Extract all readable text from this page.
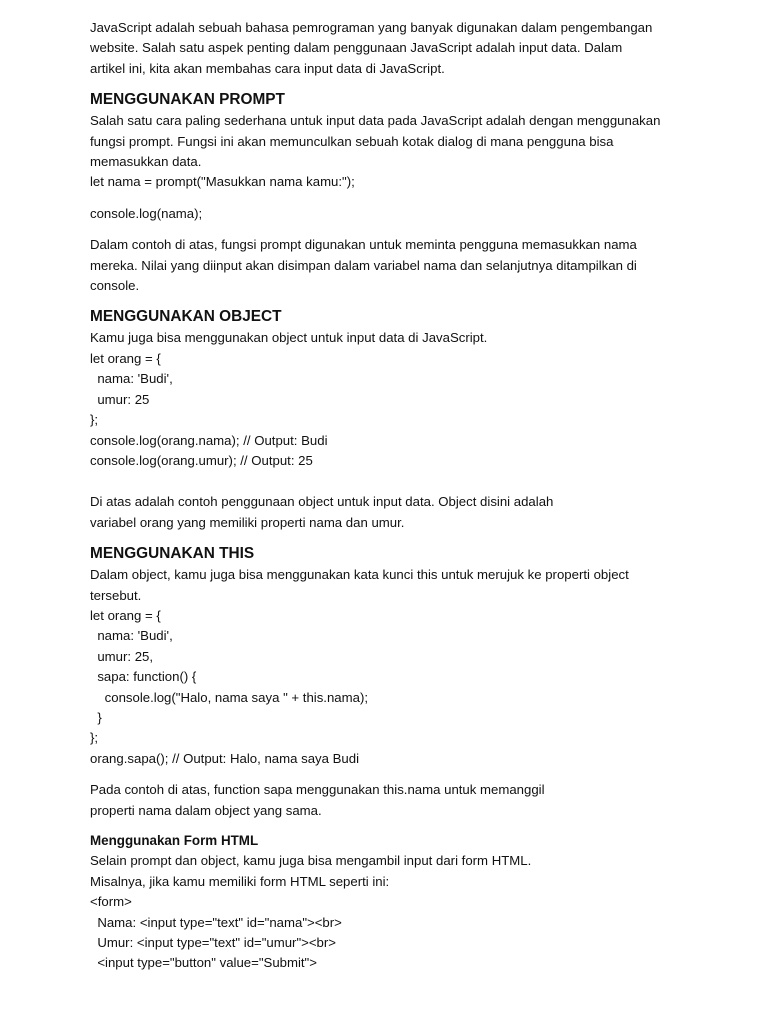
JavaScript adalah sebuah bahasa pemrograman yang banyak digunakan dalam pengembangan
website. Salah satu aspek penting dalam penggunaan JavaScript adalah input data. Dalam
artikel ini, kita akan membahas cara input data di JavaScript.
MENGGUNAKAN PROMPT
Salah satu cara paling sederhana untuk input data pada JavaScript adalah dengan menggunakan
fungsi prompt. Fungsi ini akan memunculkan sebuah kotak dialog di mana pengguna bisa
memasukkan data.
let nama = prompt("Masukkan nama kamu:");
console.log(nama);
Dalam contoh di atas, fungsi prompt digunakan untuk meminta pengguna memasukkan nama
mereka. Nilai yang diinput akan disimpan dalam variabel nama dan selanjutnya ditampilkan di
console.
MENGGUNAKAN OBJECT
Kamu juga bisa menggunakan object untuk input data di JavaScript.
let orang = {
nama: 'Budi',
umur: 25
};
console.log(orang.nama); // Output: Budi
console.log(orang.umur); // Output: 25
Di atas adalah contoh penggunaan object untuk input data. Object disini adalah
variabel orang yang memiliki properti nama dan umur.
MENGGUNAKAN THIS
Dalam object, kamu juga bisa menggunakan kata kunci this untuk merujuk ke properti object
tersebut.
let orang = {
nama: 'Budi',
umur: 25,
sapa: function() {
console.log("Halo, nama saya " + this.nama);
}
};
orang.sapa(); // Output: Halo, nama saya Budi
Pada contoh di atas, function sapa menggunakan this.nama untuk memanggil
properti nama dalam object yang sama.
Menggunakan Form HTML
Selain prompt dan object, kamu juga bisa mengambil input dari form HTML.
Misalnya, jika kamu memiliki form HTML seperti ini:
<form>
Nama: <input type="text" id="nama"><br>
Umur: <input type="text" id="umur"><br>
<input type="button" value="Submit">
